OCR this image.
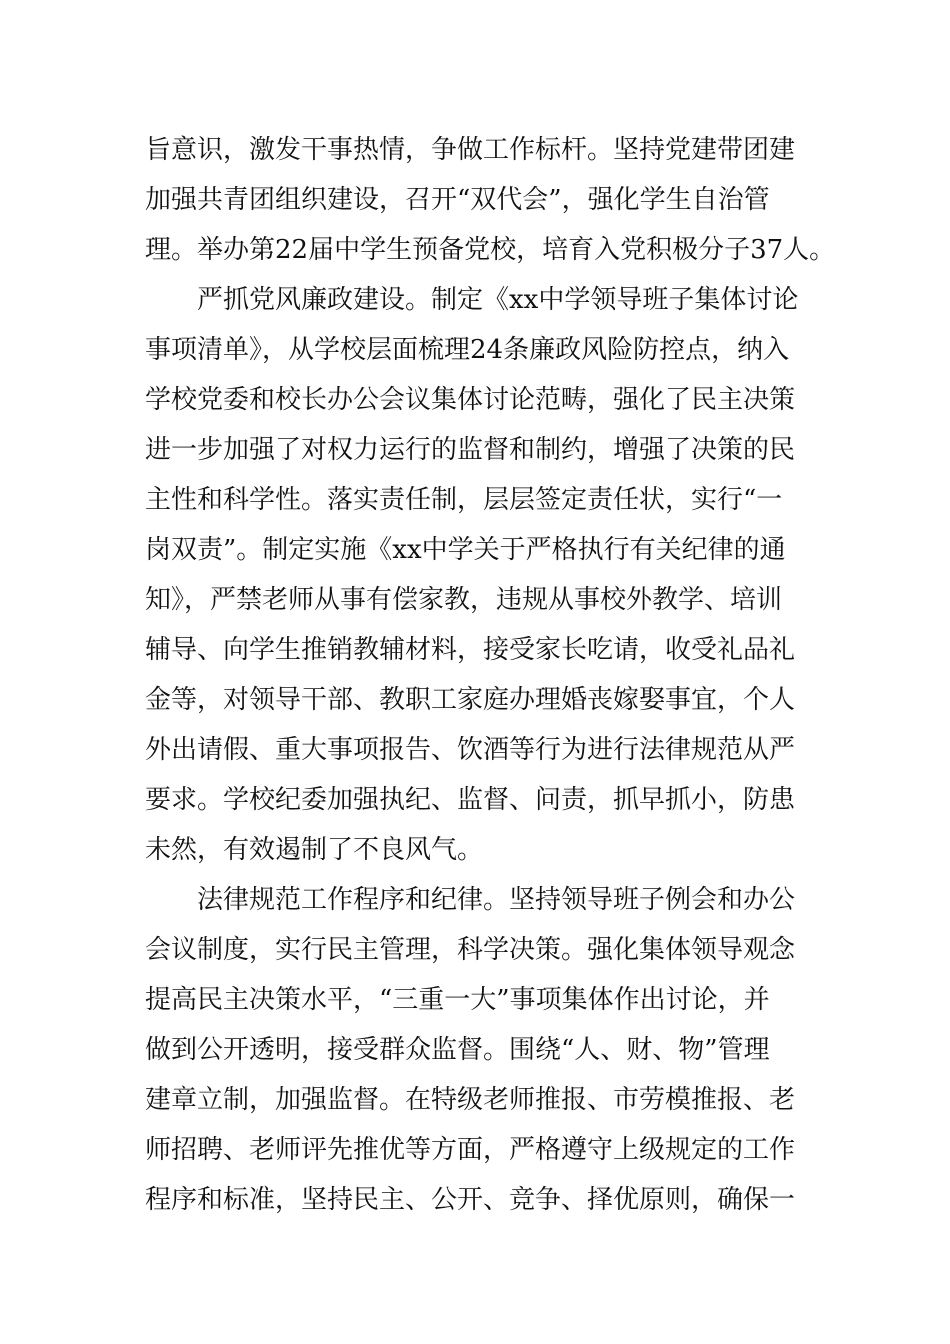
旨意识，激发干事热情，争做工作标杆。坚持党建带团建
加强共青团组织建设，召开“双代会”，强化学生自治管
理。举办第22届中学生预备党校，培育入党积极分子37人。
严抓党风廉政建设。制定《xx中学领导班子集体讨论
事项清单》，从学校层面梳理24条廉政风险防控点，纳入
学校党委和校长办公会议集体讨论范畴，强化了民主决策
进一步加强了对权力运行的监督和制约，增强了决策的民
主性和科学性。落实责任制，层层签定责任状，实行“一
岗双责”。制定实施《xx中学关于严格执行有关纪律的通
知》，严禁老师从事有偿家教，违规从事校外教学、培训
辅导、向学生推销教辅材料，接受家长吃请，收受礼品礼
金等，对领导干部、教职工家庭办理婚丧嫁娶事宜，个人
外出请假、重大事项报告、饮酒等行为进行法律规范从严
要求。学校纪委加强执纪、监督、问责，抓早抓小，防患
未然，有效遏制了不良风气。
法律规范工作程序和纪律。坚持领导班子例会和办公
会议制度，实行民主管理，科学决策。强化集体领导观念
提高民主决策水平，“三重一大”事项集体作出讨论，并
做到公开透明，接受群众监督。围绕“人、财、物”管理
建章立制，加强监督。在特级老师推报、市劳模推报、老
师招聘、老师评先推优等方面，严格遵守上级规定的工作
程序和标准，坚持民主、公开、竞争、择优原则，确保一
